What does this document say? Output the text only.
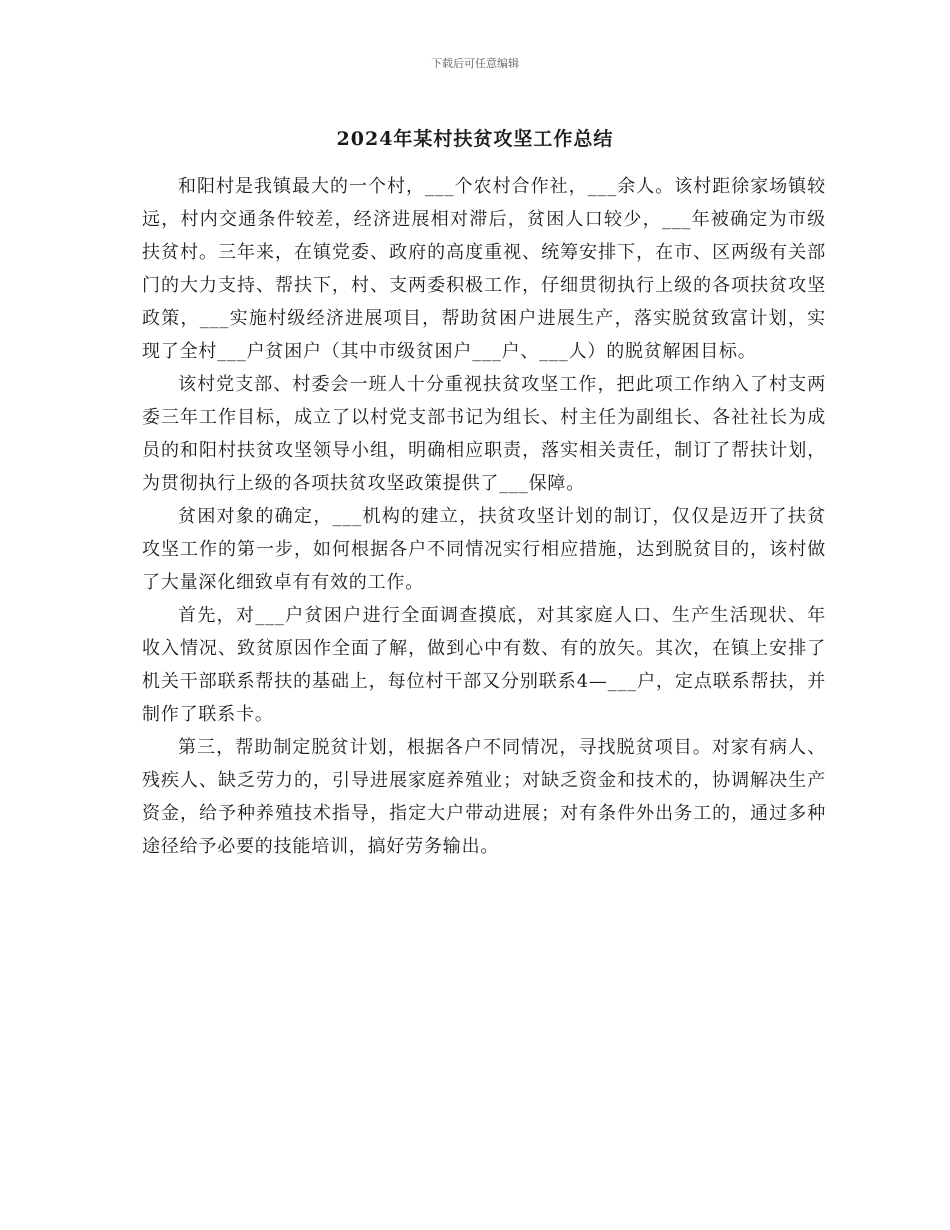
下载后可任意编辑
2024年某村扶贫攻坚工作总结

和阳村是我镇最大的一个村，___个农村合作社，___余人。该村距徐家场镇较远，村内交通条件较差，经济进展相对滞后，贫困人口较少，___年被确定为市级扶贫村。三年来，在镇党委、政府的高度重视、统筹安排下，在市、区两级有关部门的大力支持、帮扶下，村、支两委积极工作，仔细贯彻执行上级的各项扶贫攻坚政策，___实施村级经济进展项目，帮助贫困户进展生产，落实脱贫致富计划，实现了全村___户贫困户（其中市级贫困户___户、___人）的脱贫解困目标。

该村党支部、村委会一班人十分重视扶贫攻坚工作，把此项工作纳入了村支两委三年工作目标，成立了以村党支部书记为组长、村主任为副组长、各社社长为成员的和阳村扶贫攻坚领导小组，明确相应职责，落实相关责任，制订了帮扶计划，为贯彻执行上级的各项扶贫攻坚政策提供了___保障。

贫困对象的确定，___机构的建立，扶贫攻坚计划的制订，仅仅是迈开了扶贫攻坚工作的第一步，如何根据各户不同情况实行相应措施，达到脱贫目的，该村做了大量深化细致卓有有效的工作。

首先，对___户贫困户进行全面调查摸底，对其家庭人口、生产生活现状、年收入情况、致贫原因作全面了解，做到心中有数、有的放矢。其次，在镇上安排了机关干部联系帮扶的基础上，每位村干部又分别联系4—___户，定点联系帮扶，并制作了联系卡。

第三，帮助制定脱贫计划，根据各户不同情况，寻找脱贫项目。对家有病人、残疾人、缺乏劳力的，引导进展家庭养殖业；对缺乏资金和技术的，协调解决生产资金，给予种养殖技术指导，指定大户带动进展；对有条件外出务工的，通过多种途径给予必要的技能培训，搞好劳务输出。
